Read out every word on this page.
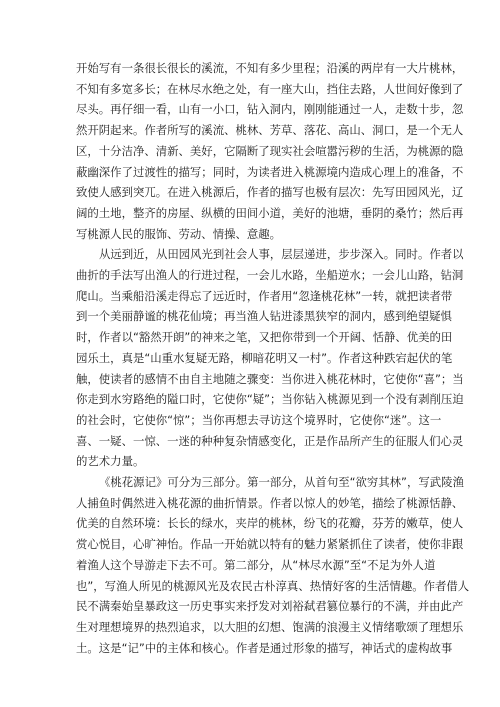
开始写有一条很长很长的溪流，不知有多少里程；沿溪的两岸有一大片桃林，
不知有多宽多长；在林尽水绝之处，有一座大山，挡住去路，人世间好像到了
尽头。再仔细一看，山有一小口，钻入洞内，刚刚能通过一人，走数十步，忽
然开阴起来。作者所写的溪流、桃林、芳草、落花、高山、洞口，是一个无人
区，十分洁净、清新、美好，它隔断了现实社会喧嚣污秽的生活，为桃源的隐
蔽幽深作了过渡性的描写；同时，为读者进入桃源境内造成心理上的准备，不
致使人感到突兀。在进入桃源后，作者的描写也极有层次：先写田园风光，辽
阔的土地，整齐的房屋、纵横的田间小道，美好的池塘，垂阴的桑竹；然后再
写桃源人民的服饰、劳动、情操、意趣。
从远到近，从田园风光到社会人事，层层递进，步步深入。同时。作者以
曲折的手法写出渔人的行进过程，一会儿水路，坐船逆水；一会儿山路，钻洞
爬山。当乘船沿溪走得忘了远近时，作者用“忽逢桃花林”一转，就把读者带
到一个美丽静谧的桃花仙境；再当渔人钻进漆黑狭窄的洞内，感到绝望疑惧
时，作者以“豁然开朗”的神来之笔，又把你带到一个开阔、恬静、优美的田
园乐土，真是“山重水复疑无路，柳暗花明又一村”。作者这种跌宕起伏的笔
触，使读者的感情不由自主地随之骤变：当你进入桃花林时，它使你“喜”；当
你走到水穷路绝的隘口时，它使你“疑”；当你钻入桃源见到一个没有剥削压迫
的社会时，它使你“惊”；当你再想去寻访这个境界时，它使你“迷”。这一
喜、一疑、一惊、一迷的种种复杂情感变化，正是作品所产生的征服人们心灵
的艺术力量。
《桃花源记》可分为三部分。第一部分，从首句至“欲穷其林”，写武陵渔
人捕鱼时偶然进入桃花源的曲折情景。作者以惊人的妙笔，描绘了桃源恬静、
优美的自然环境：长长的绿水，夹岸的桃林，纷飞的花瓣，芬芳的嫩草，使人
赏心悦目，心旷神怡。作品一开始就以特有的魅力紧紧抓住了读者，使你非跟
着渔人这个导游走下去不可。第二部分，从“林尽水源”至“不足为外人道
也”，写渔人所见的桃源风光及农民古朴淳真、热情好客的生活情趣。作者借人
民不满秦始皇暴政这一历史事实来抒发对刘裕弑君篡位暴行的不满，并由此产
生对理想境界的热烈追求，以大胆的幻想、饱满的浪漫主义情绪歌颂了理想乐
土。这是“记”中的主体和核心。作者是通过形象的描写，神话式的虚构故事
